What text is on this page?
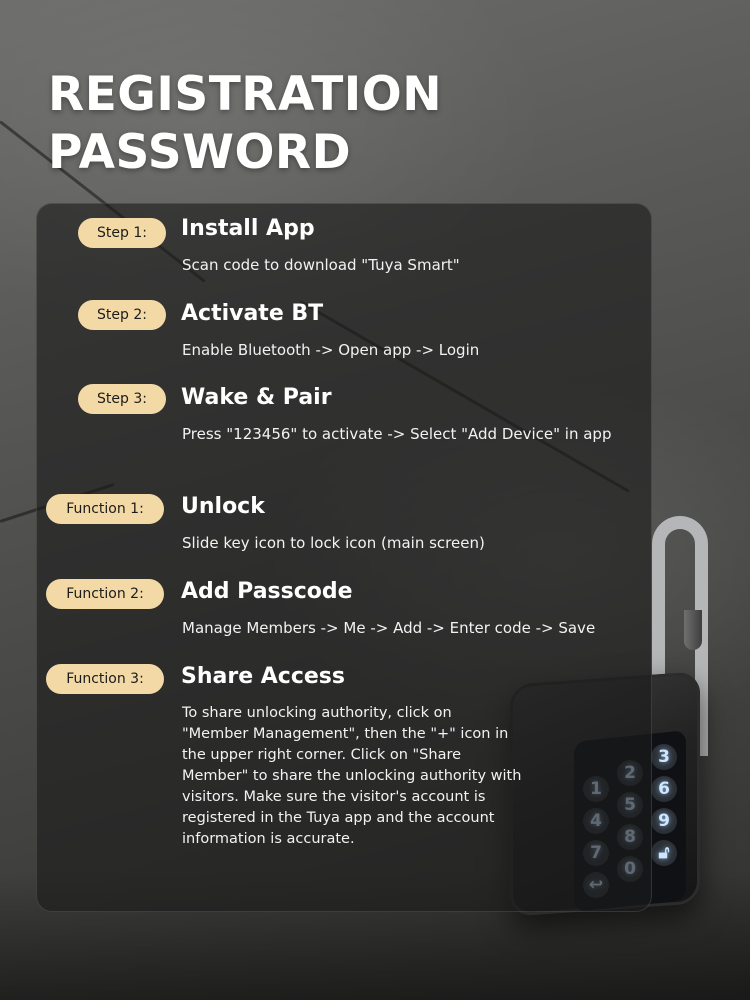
REGISTRATION
PASSWORD
3
6
9
🔓︎
Step 1:	Install App

Scan code to download "Tuya Smart"

Step 2:	Activate BT

Enable Bluetooth -> Open app -> Login

Step 3:	Wake & Pair

Press "123456" to activate -> Select "Add Device" in app

Function 1:	Unlock

Slide key icon to lock icon (main screen)

Function 2:	Add Passcode

Manage Members -> Me -> Add -> Enter code -> Save

Function 3:	Share Access

To share unlocking authority, click on "Member Management", then the "+" icon in the upper right corner. Click on "Share Member" to share the unlocking authority with visitors. Make sure the visitor's account is registered in the Tuya app and the account information is accurate.
